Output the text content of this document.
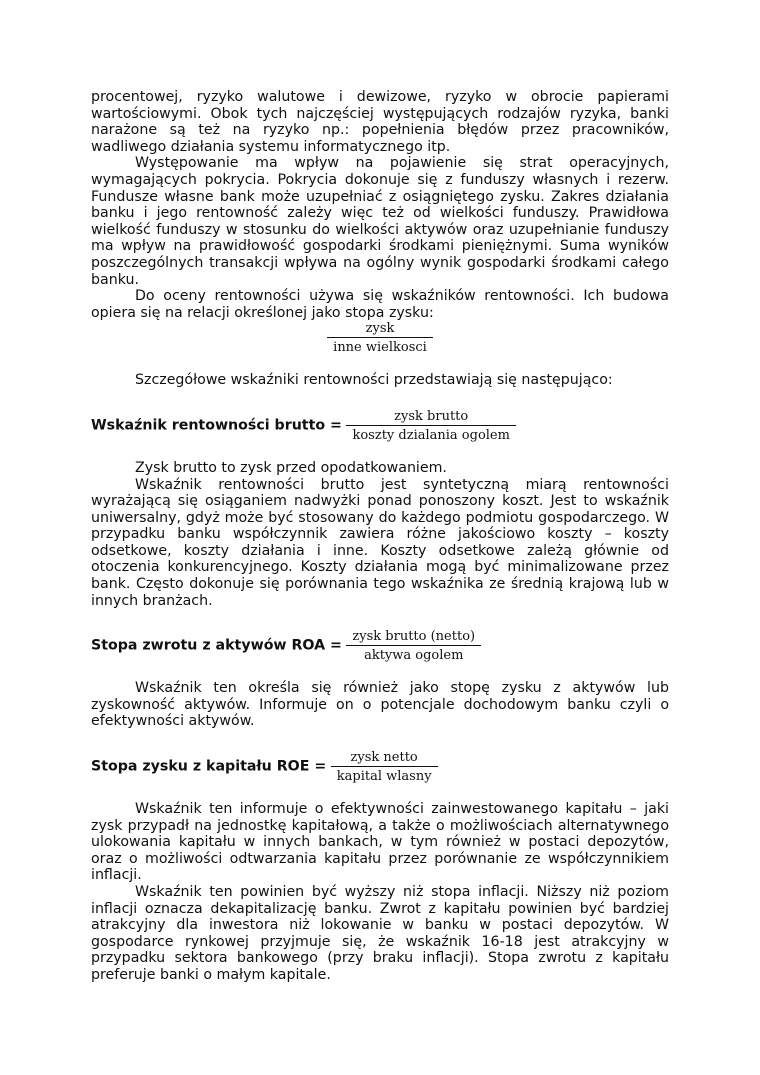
procentowej, ryzyko walutowe i dewizowe, ryzyko w obrocie papierami wartościowymi. Obok tych najczęściej występujących rodzajów ryzyka, banki narażone są też na ryzyko np.: popełnienia błędów przez pracowników, wadliwego działania systemu informatycznego itp.

Występowanie ma wpływ na pojawienie się strat operacyjnych, wymagających pokrycia. Pokrycia dokonuje się z funduszy własnych i rezerw. Fundusze własne bank może uzupełniać z osiągniętego zysku. Zakres działania banku i jego rentowność zależy więc też od wielkości funduszy. Prawidłowa wielkość funduszy w stosunku do wielkości aktywów oraz uzupełnianie funduszy ma wpływ na prawidłowość gospodarki środkami pieniężnymi. Suma wyników poszczególnych transakcji wpływa na ogólny wynik gospodarki środkami całego banku.

Do oceny rentowności używa się wskaźników rentowności. Ich budowa opiera się na relacji określonej jako stopa zysku:

$\frac{\text{zysk}}{\text{inne wielkosci}}$

Szczegółowe wskaźniki rentowności przedstawiają się następująco:

Wskaźnik rentowności brutto = $\frac{\text{zysk brutto}}{\text{koszty dzialania ogolem}}$

Zysk brutto to zysk przed opodatkowaniem.

Wskaźnik rentowności brutto jest syntetyczną miarą rentowności wyrażającą się osiąganiem nadwyżki ponad ponoszony koszt. Jest to wskaźnik uniwersalny, gdyż może być stosowany do każdego podmiotu gospodarczego. W przypadku banku współczynnik zawiera różne jakościowo koszty – koszty odsetkowe, koszty działania i inne. Koszty odsetkowe zależą głównie od otoczenia konkurencyjnego. Koszty działania mogą być minimalizowane przez bank. Często dokonuje się porównania tego wskaźnika ze średnią krajową lub w innych branżach.

Stopa zwrotu z aktywów ROA = $\frac{\text{zysk brutto (netto)}}{\text{aktywa ogolem}}$

Wskaźnik ten określa się również jako stopę zysku z aktywów lub zyskowność aktywów. Informuje on o potencjale dochodowym banku czyli o efektywności aktywów.

Stopa zysku z kapitału ROE = $\frac{\text{zysk netto}}{\text{kapital wlasny}}$

Wskaźnik ten informuje o efektywności zainwestowanego kapitału – jaki zysk przypadł na jednostkę kapitałową, a także o możliwościach alternatywnego ulokowania kapitału w innych bankach, w tym również w postaci depozytów, oraz o możliwości odtwarzania kapitału przez porównanie ze współczynnikiem inflacji.

Wskaźnik ten powinien być wyższy niż stopa inflacji. Niższy niż poziom inflacji oznacza dekapitalizację banku. Zwrot z kapitału powinien być bardziej atrakcyjny dla inwestora niż lokowanie w banku w postaci depozytów. W gospodarce rynkowej przyjmuje się, że wskaźnik 16-18 jest atrakcyjny w przypadku sektora bankowego (przy braku inflacji). Stopa zwrotu z kapitału preferuje banki o małym kapitale.
